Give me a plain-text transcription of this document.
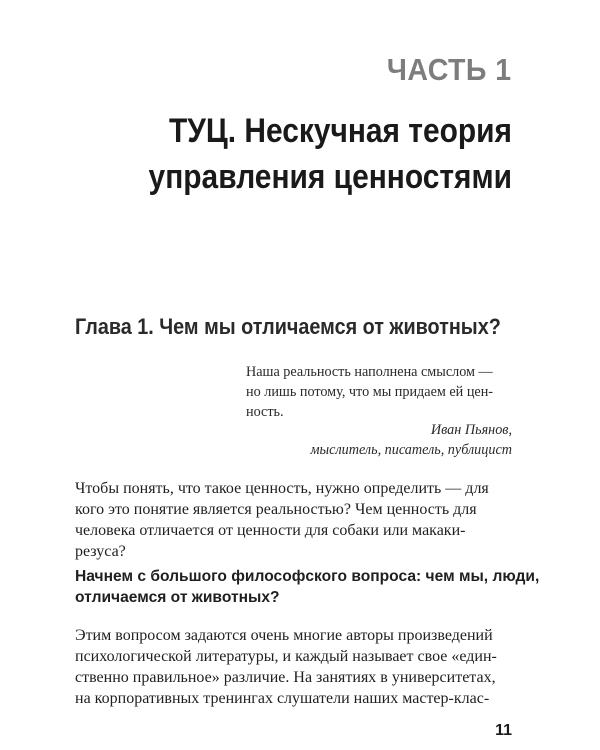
ЧАСТЬ 1
ТУЦ. Нескучная теория
управления ценностями
Глава 1. Чем мы отличаемся от животных?
Наша реальность наполнена смыслом —
но лишь потому, что мы придаем ей цен-
ность.
Иван Пьянов,
мыслитель, писатель, публицист
Чтобы понять, что такое ценность, нужно определить — для
кого это понятие является реальностью? Чем ценность для
человека отличается от ценности для собаки или макаки-
резуса?
Начнем с большого философского вопроса: чем мы, люди,
отличаемся от животных?
Этим вопросом задаются очень многие авторы произведений
психологической литературы, и каждый называет свое «един-
ственно правильное» различие. На занятиях в университетах,
на корпоративных тренингах слушатели наших мастер-клас-
11
